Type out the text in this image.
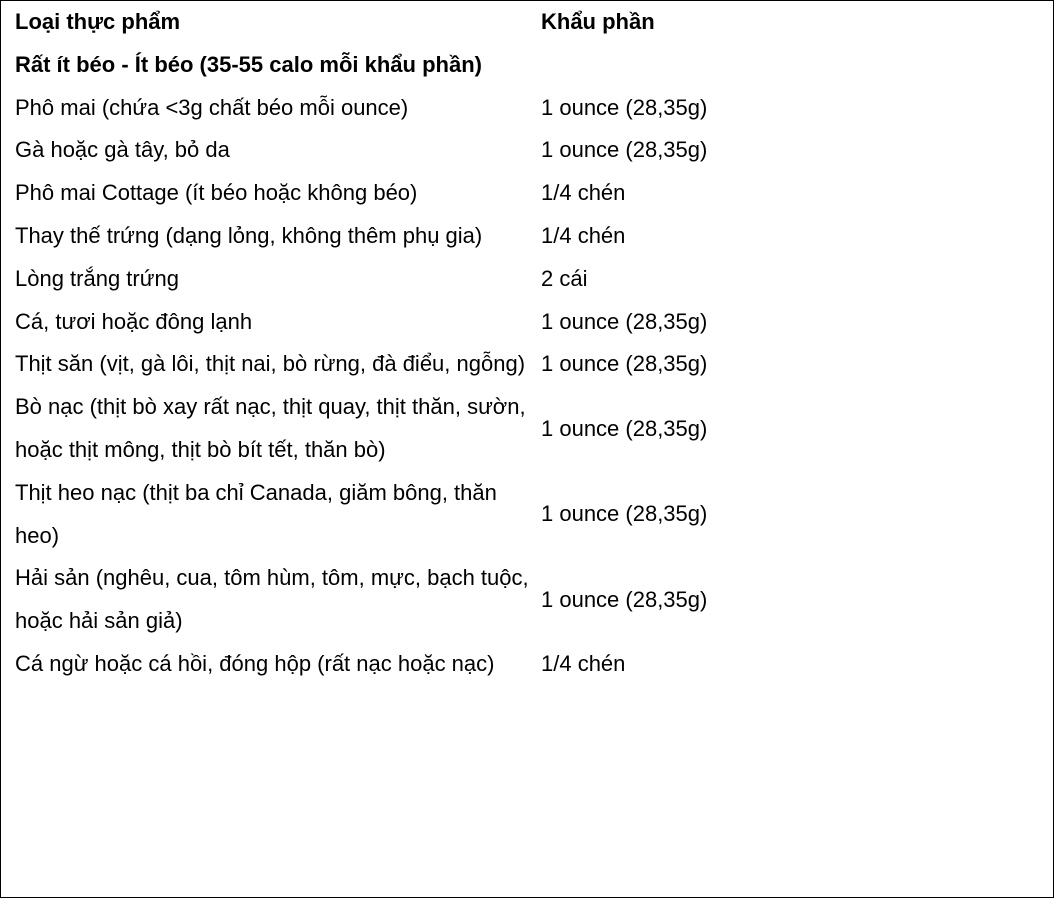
Loại thực phẩm	Khẩu phần
Rất ít béo - Ít béo (35-55 calo mỗi khẩu phần)	
Phô mai (chứa <3g chất béo mỗi ounce)	1 ounce (28,35g)
Gà hoặc gà tây, bỏ da	1 ounce (28,35g)
Phô mai Cottage (ít béo hoặc không béo)	1/4 chén
Thay thế trứng (dạng lỏng, không thêm phụ gia)	1/4 chén
Lòng trắng trứng	2 cái
Cá, tươi hoặc đông lạnh	1 ounce (28,35g)
Thịt săn (vịt, gà lôi, thịt nai, bò rừng, đà điểu, ngỗng)	1 ounce (28,35g)
Bò nạc (thịt bò xay rất nạc, thịt quay, thịt thăn, sườn, hoặc thịt mông, thịt bò bít tết, thăn bò)	1 ounce (28,35g)
Thịt heo nạc (thịt ba chỉ Canada, giăm bông, thăn heo)	1 ounce (28,35g)
Hải sản (nghêu, cua, tôm hùm, tôm, mực, bạch tuộc, hoặc hải sản giả)	1 ounce (28,35g)
Cá ngừ hoặc cá hồi, đóng hộp (rất nạc hoặc nạc)	1/4 chén
